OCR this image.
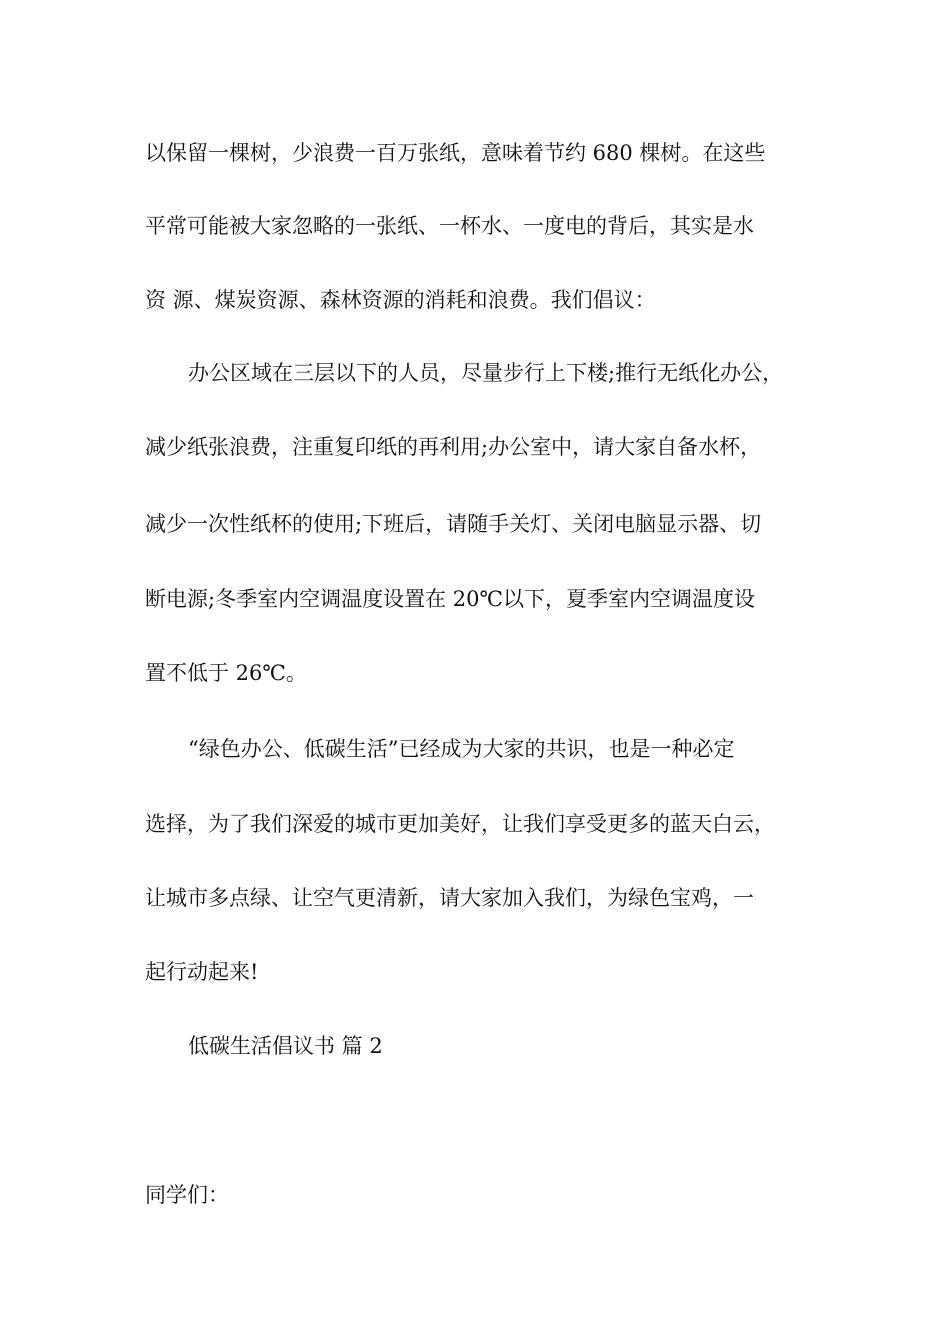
以保留一棵树，少浪费一百万张纸，意味着节约 680 棵树。在这些

平常可能被大家忽略的一张纸、一杯水、一度电的背后，其实是水

资 源、煤炭资源、森林资源的消耗和浪费。我们倡议：

办公区域在三层以下的人员，尽量步行上下楼;推行无纸化办公，

减少纸张浪费，注重复印纸的再利用;办公室中，请大家自备水杯，

减少一次性纸杯的使用;下班后，请随手关灯、关闭电脑显示器、切

断电源;冬季室内空调温度设置在 20℃以下，夏季室内空调温度设

置不低于 26℃。

“绿色办公、低碳生活”已经成为大家的共识，也是一种必定

选择，为了我们深爱的城市更加美好，让我们享受更多的蓝天白云，

让城市多点绿、让空气更清新，请大家加入我们，为绿色宝鸡，一

起行动起来!

低碳生活倡议书 篇 2

同学们：
